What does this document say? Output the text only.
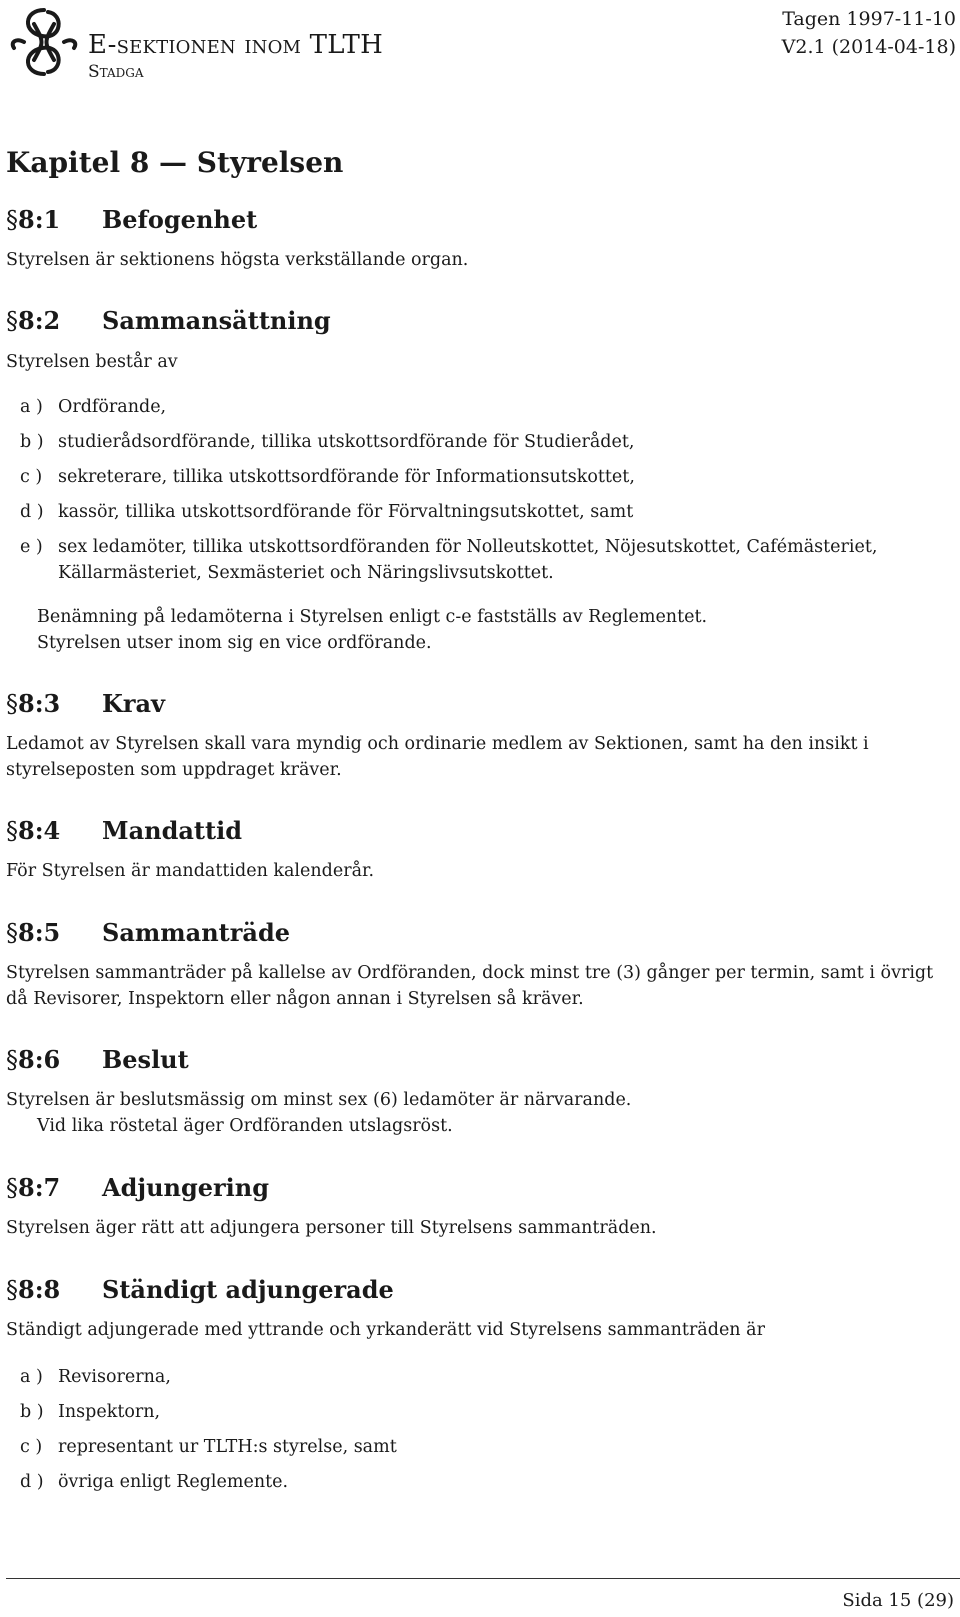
E-sektionen inom TLTH
Stadga
Tagen 1997-11-10
V2.1 (2014-04-18)
Kapitel 8 — Styrelsen
§8:1 Befogenhet
Styrelsen är sektionens högsta verkställande organ.
§8:2 Sammansättning
Styrelsen består av
a ) Ordförande,
b ) studierådsordförande, tillika utskottsordförande för Studierådet,
c ) sekreterare, tillika utskottsordförande för Informationsutskottet,
d ) kassör, tillika utskottsordförande för Förvaltningsutskottet, samt
e ) sex ledamöter, tillika utskottsordföranden för Nolleutskottet, Nöjesutskottet, Cafémästeriet,
Källarmästeriet, Sexmästeriet och Näringslivsutskottet.
Benämning på ledamöterna i Styrelsen enligt c-e fastställs av Reglementet.
Styrelsen utser inom sig en vice ordförande.
§8:3 Krav
Ledamot av Styrelsen skall vara myndig och ordinarie medlem av Sektionen, samt ha den insikt i styrelseposten som uppdraget kräver.
§8:4 Mandattid
För Styrelsen är mandattiden kalenderår.
§8:5 Sammanträde
Styrelsen sammanträder på kallelse av Ordföranden, dock minst tre (3) gånger per termin, samt i övrigt då Revisorer, Inspektorn eller någon annan i Styrelsen så kräver.
§8:6 Beslut
Styrelsen är beslutsmässig om minst sex (6) ledamöter är närvarande.
Vid lika röstetal äger Ordföranden utslagsröst.
§8:7 Adjungering
Styrelsen äger rätt att adjungera personer till Styrelsens sammanträden.
§8:8 Ständigt adjungerade
Ständigt adjungerade med yttrande och yrkanderätt vid Styrelsens sammanträden är
a ) Revisorerna,
b ) Inspektorn,
c ) representant ur TLTH:s styrelse, samt
d ) övriga enligt Reglemente.
Sida 15 (29)
